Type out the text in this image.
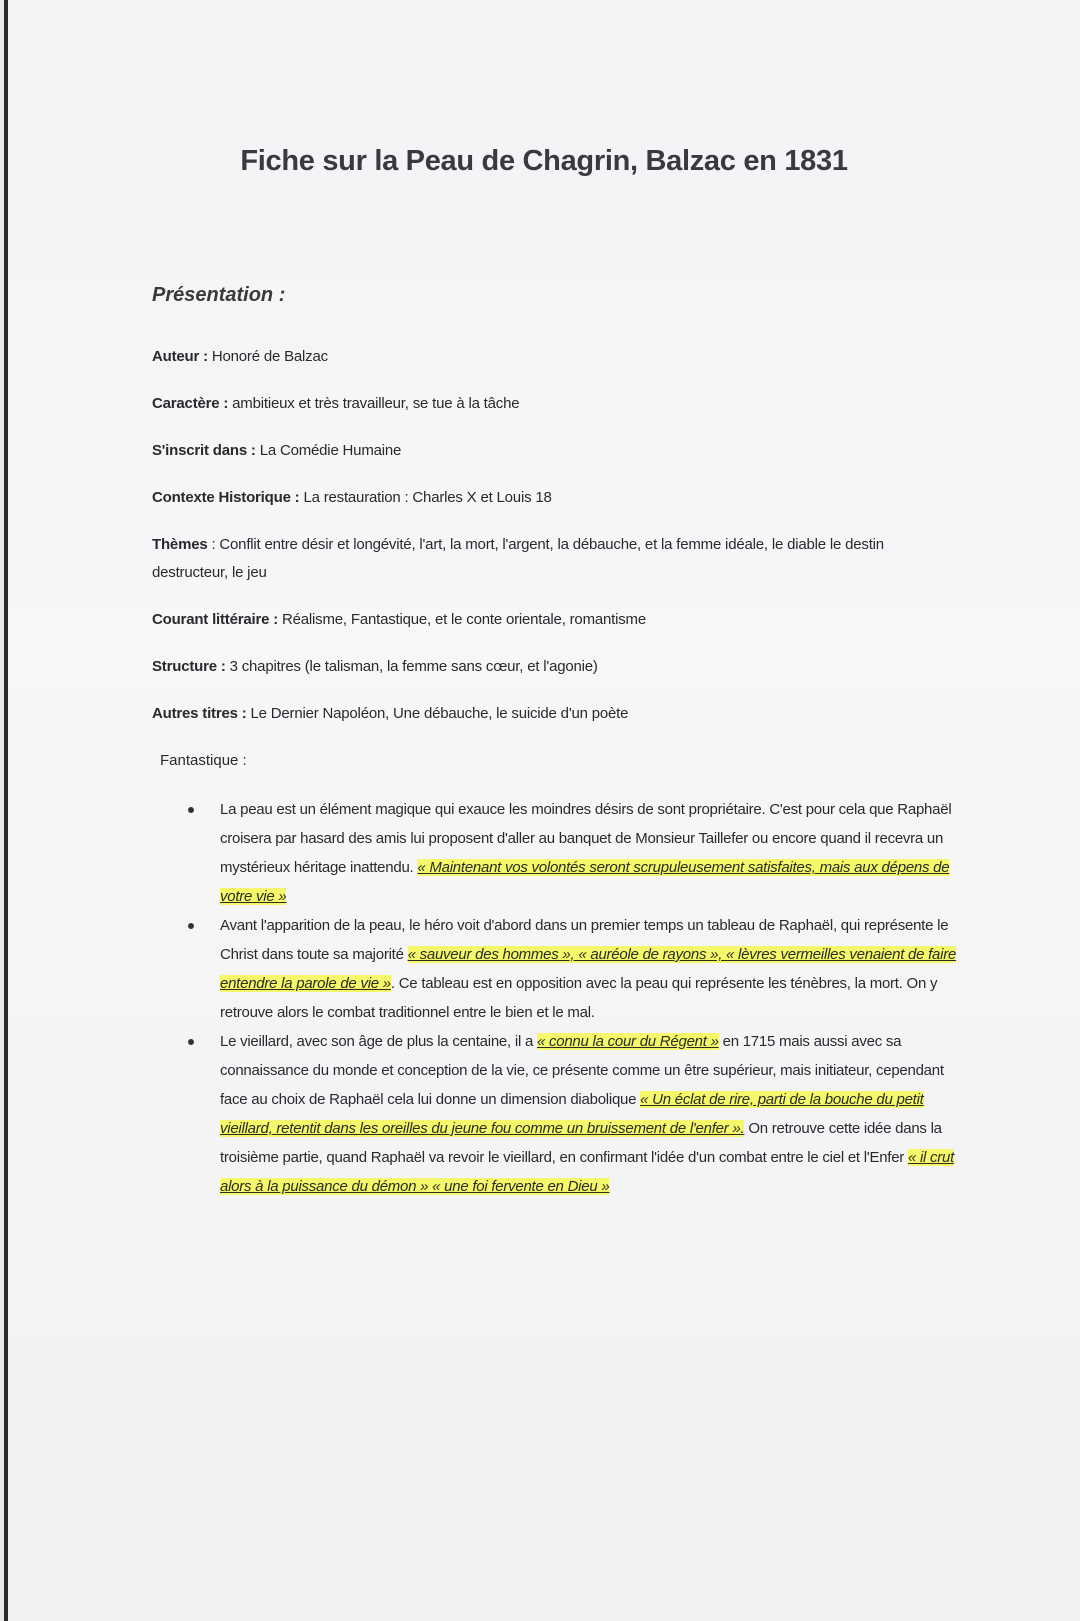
Fiche sur la Peau de Chagrin, Balzac en 1831
Présentation :
Auteur : Honoré de Balzac
Caractère : ambitieux et très travailleur, se tue à la tâche
S'inscrit dans : La Comédie Humaine
Contexte Historique : La restauration : Charles X et Louis 18
Thèmes : Conflit entre désir et longévité, l'art, la mort, l'argent, la débauche, et la femme idéale, le diable le destin destructeur, le jeu
Courant littéraire : Réalisme, Fantastique, et le conte orientale, romantisme
Structure : 3 chapitres (le talisman, la femme sans cœur, et l'agonie)
Autres titres : Le Dernier Napoléon, Une débauche, le suicide d'un poète
Fantastique :
La peau est un élément magique qui exauce les moindres désirs de sont propriétaire. C'est pour cela que Raphaël croisera par hasard des amis lui proposent d'aller au banquet de Monsieur Taillefer ou encore quand il recevra un mystérieux héritage inattendu. « Maintenant vos volontés seront scrupuleusement satisfaites, mais aux dépens de votre vie »
Avant l'apparition de la peau, le héro voit d'abord dans un premier temps un tableau de Raphaël, qui représente le Christ dans toute sa majorité « sauveur des hommes », « auréole de rayons », « lèvres vermeilles venaient de faire entendre la parole de vie ». Ce tableau est en opposition avec la peau qui représente les ténèbres, la mort. On y retrouve alors le combat traditionnel entre le bien et le mal.
Le vieillard, avec son âge de plus la centaine, il a « connu la cour du Régent » en 1715 mais aussi avec sa connaissance du monde et conception de la vie, ce présente comme un être supérieur, mais initiateur, cependant face au choix de Raphaël cela lui donne un dimension diabolique « Un éclat de rire, parti de la bouche du petit vieillard, retentit dans les oreilles du jeune fou comme un bruissement de l'enfer ». On retrouve cette idée dans la troisième partie, quand Raphaël va revoir le vieillard, en confirmant l'idée d'un combat entre le ciel et l'Enfer « il crut alors à la puissance du démon » « une foi fervente en Dieu »
